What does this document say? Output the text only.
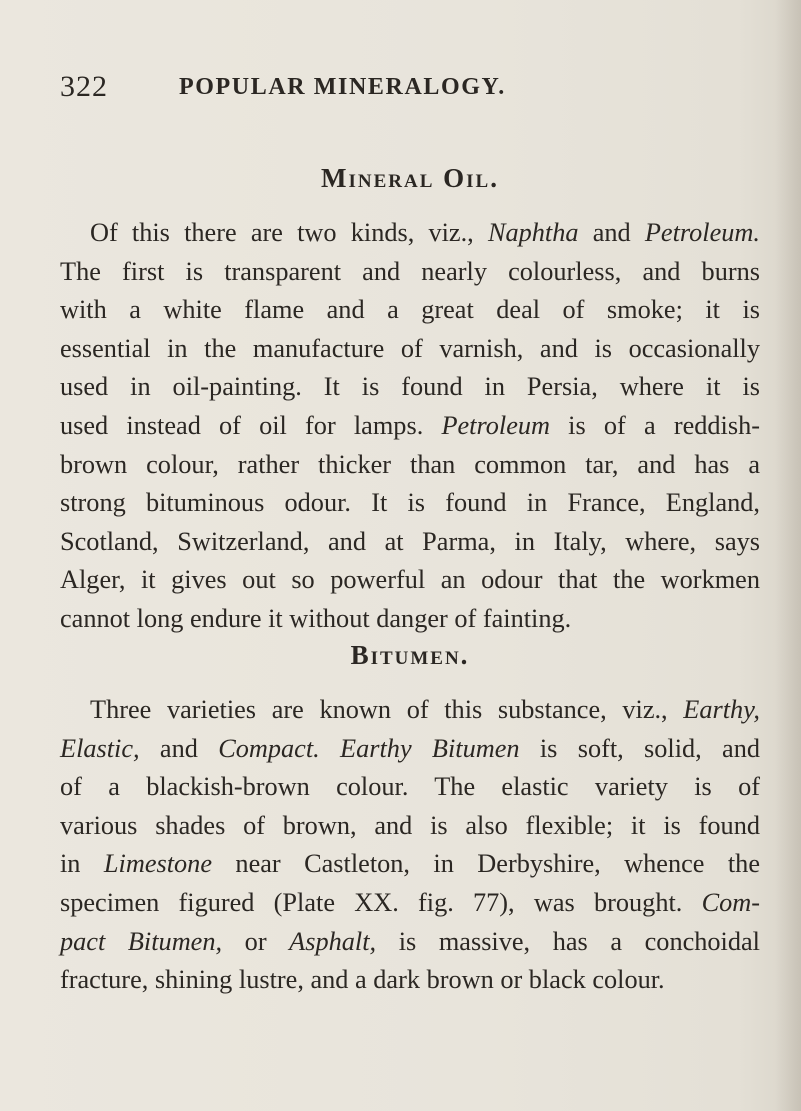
322	POPULAR MINERALOGY.
Mineral Oil.
Of this there are two kinds, viz., Naphtha and Petroleum.
The first is transparent and nearly colourless, and burns
with a white flame and a great deal of smoke; it is
essential in the manufacture of varnish, and is occasionally
used in oil-painting. It is found in Persia, where it is
used instead of oil for lamps. Petroleum is of a reddish-
brown colour, rather thicker than common tar, and has a
strong bituminous odour. It is found in France, England,
Scotland, Switzerland, and at Parma, in Italy, where, says
Alger, it gives out so powerful an odour that the workmen
cannot long endure it without danger of fainting.
Bitumen.
Three varieties are known of this substance, viz., Earthy,
Elastic, and Compact. Earthy Bitumen is soft, solid, and
of a blackish-brown colour. The elastic variety is of
various shades of brown, and is also flexible; it is found
in Limestone near Castleton, in Derbyshire, whence the
specimen figured (Plate XX. fig. 77), was brought. Com-
pact Bitumen, or Asphalt, is massive, has a conchoidal
fracture, shining lustre, and a dark brown or black colour.
